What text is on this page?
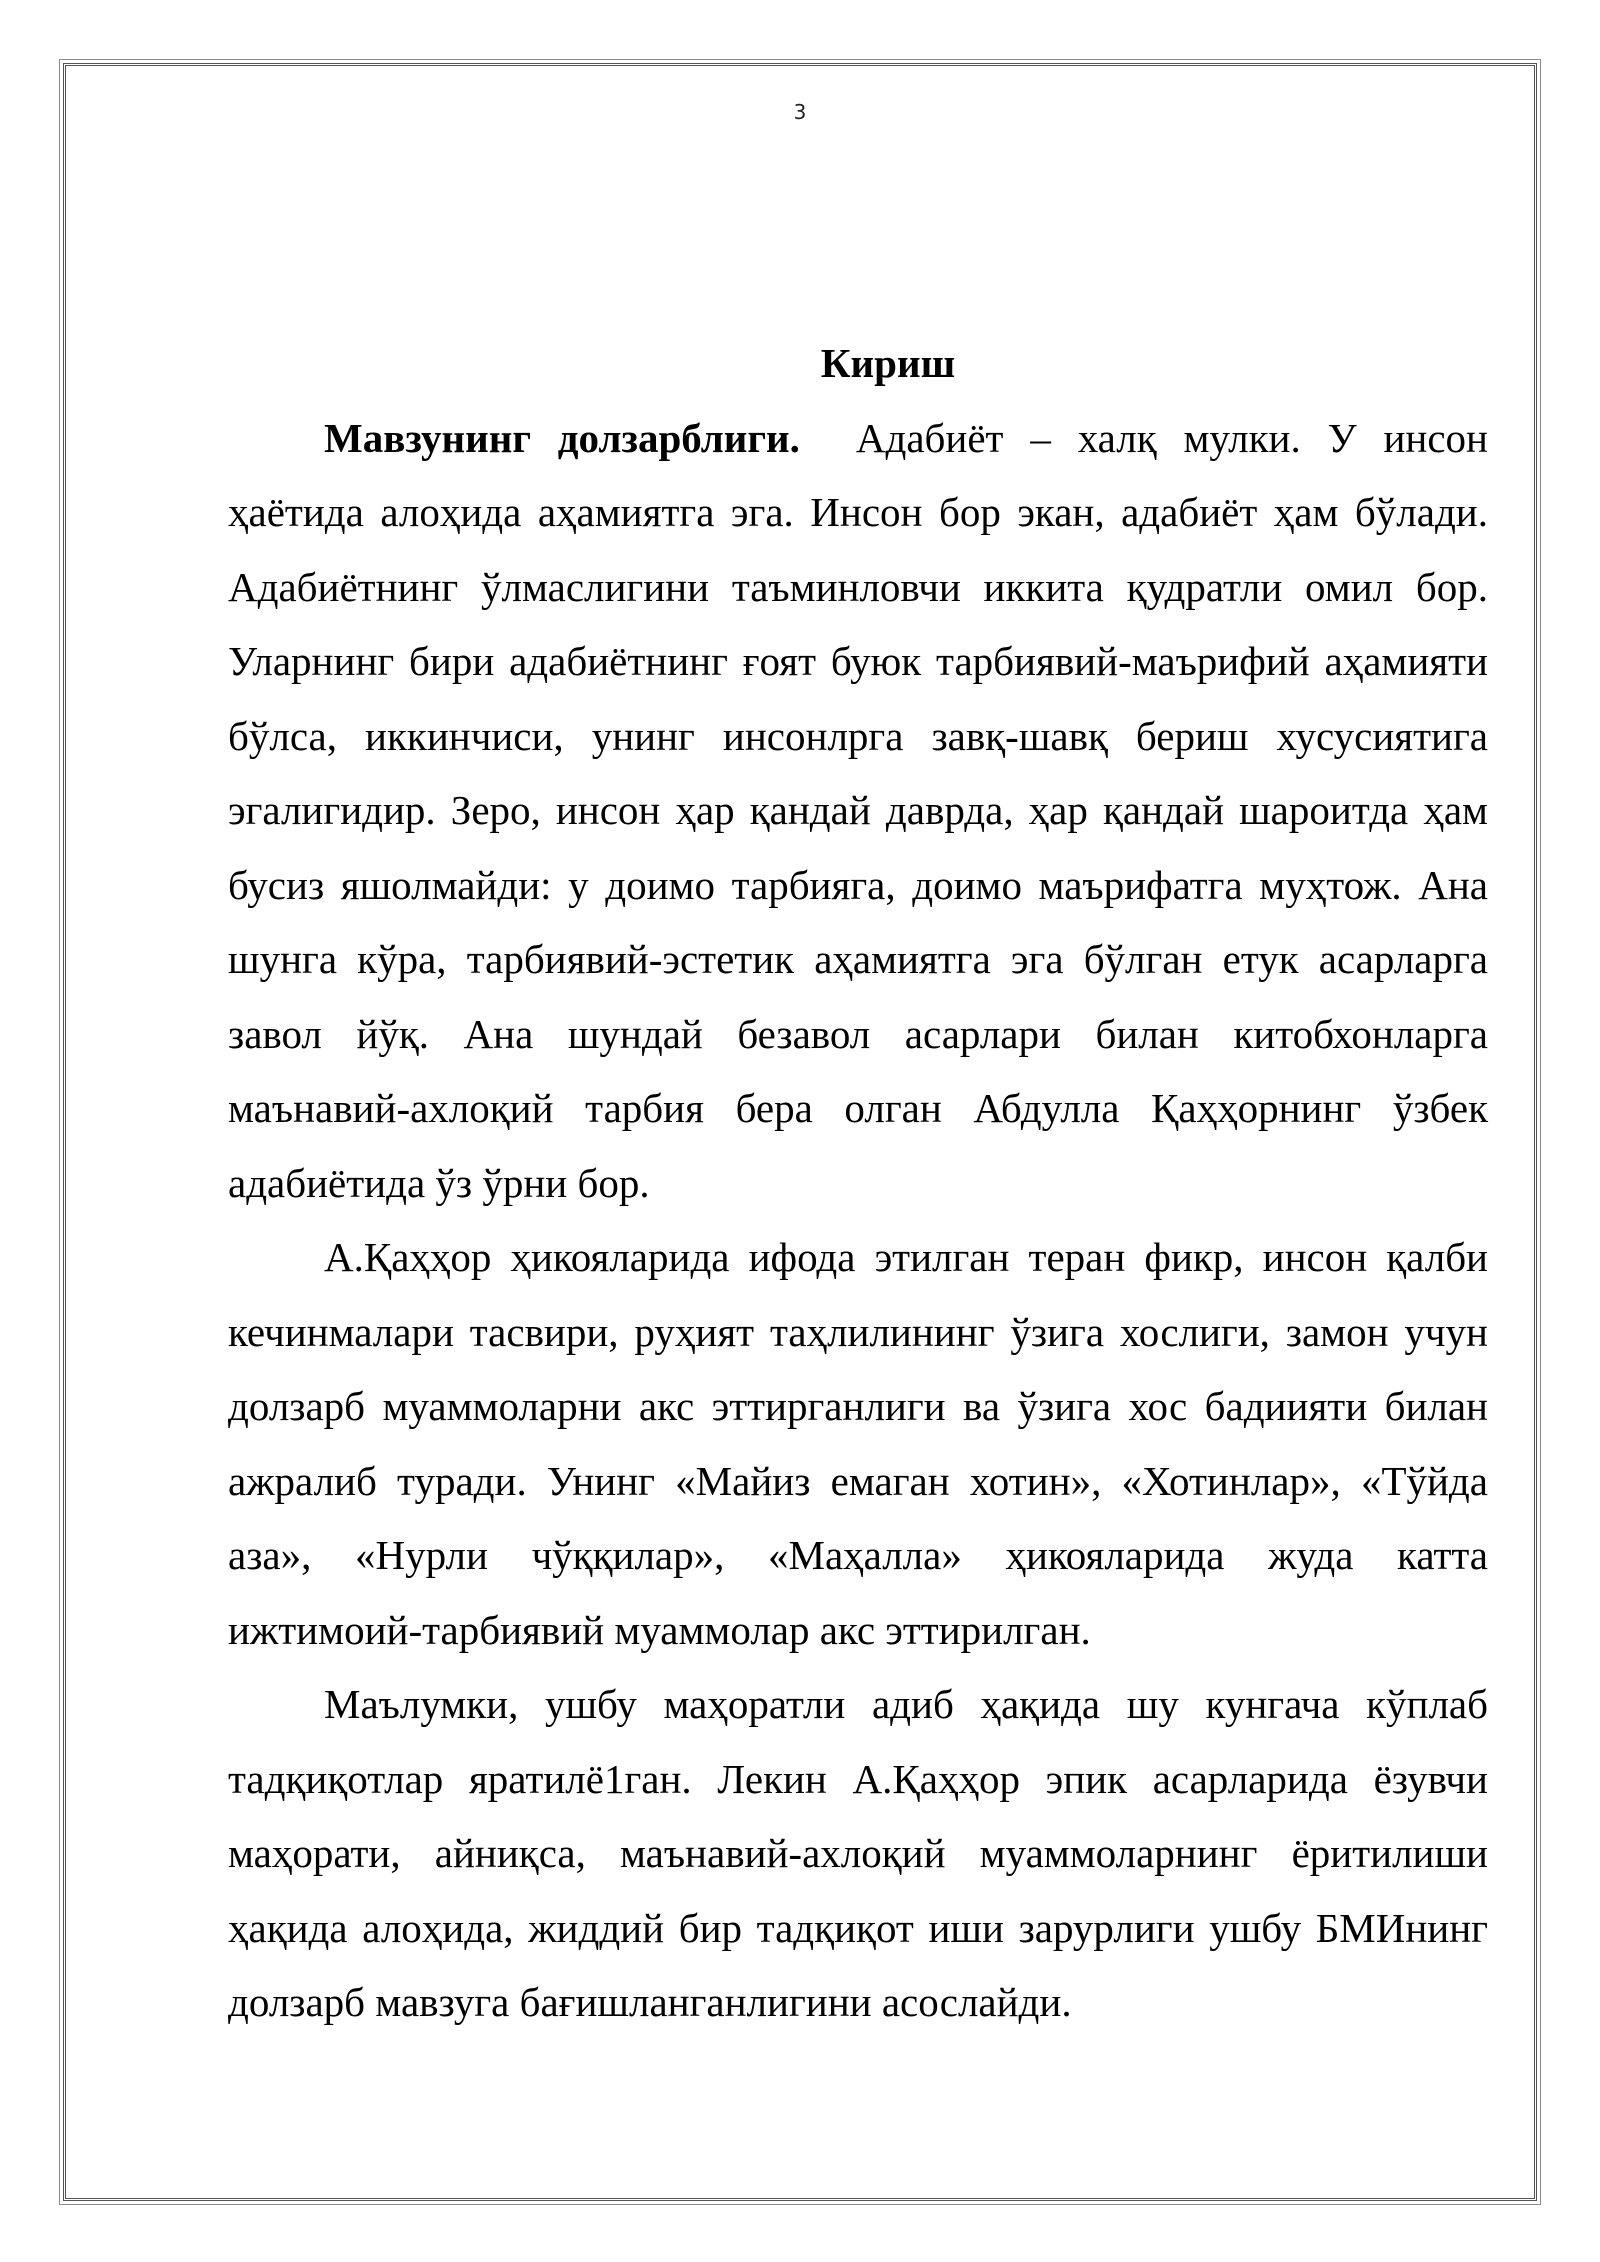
3

Кириш

Мавзунинг долзарблиги. Адабиёт – халқ мулки. У инсон ҳаётида алоҳида аҳамиятга эга. Инсон бор экан, адабиёт ҳам бўлади. Адабиётнинг ўлмаслигини таъминловчи иккита қудратли омил бор. Уларнинг бири адабиётнинг ғоят буюк тарбиявий-маърифий аҳамияти бўлса, иккинчиси, унинг инсонлрга завқ-шавқ бериш хусусиятига эгалигидир. Зеро, инсон ҳар қандай даврда, ҳар қандай шароитда ҳам бусиз яшолмайди: у доимо тарбияга, доимо маърифатга муҳтож. Ана шунга кўра, тарбиявий-эстетик аҳамиятга эга бўлган етук асарларга завол йўқ. Ана шундай безавол асарлари билан китобхонларга маънавий-ахлоқий тарбия бера олган Абдулла Қаҳҳорнинг ўзбек адабиётида ўз ўрни бор.

А.Қаҳҳор ҳикояларида ифода этилган теран фикр, инсон қалби кечинмалари тасвири, руҳият таҳлилининг ўзига хослиги, замон учун долзарб муаммоларни акс эттирганлиги ва ўзига хос бадиияти билан ажралиб туради. Унинг «Майиз емаган хотин», «Хотинлар», «Тўйда аза», «Нурли чўққилар», «Маҳалла» ҳикояларида жуда катта ижтимоий-тарбиявий муаммолар акс эттирилган.

Маълумки, ушбу маҳоратли адиб ҳақида шу кунгача кўплаб тадқиқотлар яратилё1ган. Лекин А.Қаҳҳор эпик асарларида ёзувчи маҳорати, айниқса, маънавий-ахлоқий муаммоларнинг ёритилиши ҳақида алоҳида, жиддий бир тадқиқот иши зарурлиги ушбу БМИнинг долзарб мавзуга бағишланганлигини асослайди.
